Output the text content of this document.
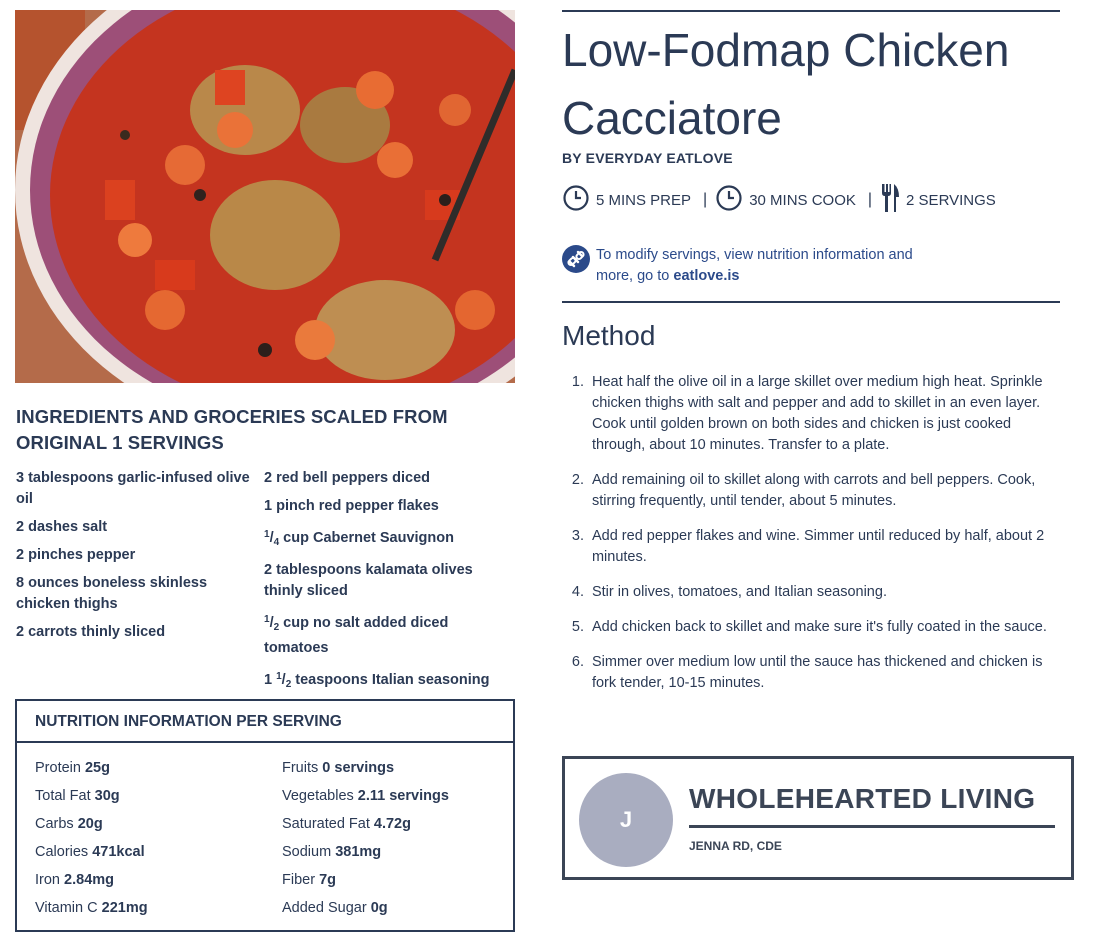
INGREDIENTS AND GROCERIES SCALED FROM ORIGINAL 1 SERVINGS
3 tablespoons garlic-infused olive oil
2 dashes salt
2 pinches pepper
8 ounces boneless skinless chicken thighs
2 carrots thinly sliced
2 red bell peppers diced
1 pinch red pepper flakes
$^1/_4$ cup Cabernet Sauvignon
2 tablespoons kalamata olives thinly sliced
$^1/_2$ cup no salt added diced tomatoes
1 $^1/_2$ teaspoons Italian seasoning
NUTRITION INFORMATION PER SERVING
Protein 25g
Total Fat 30g
Carbs 20g
Calories 471kcal
Iron 2.84mg
Vitamin C 221mg
Fruits 0 servings
Vegetables 2.11 servings
Saturated Fat 4.72g
Sodium 381mg
Fiber 7g
Added Sugar 0g
Low-Fodmap Chicken Cacciatore
BY EVERYDAY EATLOVE
5 MINS PREP |	30 MINS COOK | 2 SERVINGS
To modify servings, view nutrition information and more, go to eatlove.is
Method
1. Heat half the olive oil in a large skillet over medium high heat. Sprinkle chicken thighs with salt and pepper and add to skillet in an even layer. Cook until golden brown on both sides and chicken is just cooked through, about 10 minutes. Transfer to a plate.
2. Add remaining oil to skillet along with carrots and bell peppers. Cook, stirring frequently, until tender, about 5 minutes.
3. Add red pepper flakes and wine. Simmer until reduced by half, about 2 minutes.
4. Stir in olives, tomatoes, and Italian seasoning.
5. Add chicken back to skillet and make sure it's fully coated in the sauce.
6. Simmer over medium low until the sauce has thickened and chicken is fork tender, 10-15 minutes.
J
WHOLEHEARTED LIVING
JENNA RD, CDE
